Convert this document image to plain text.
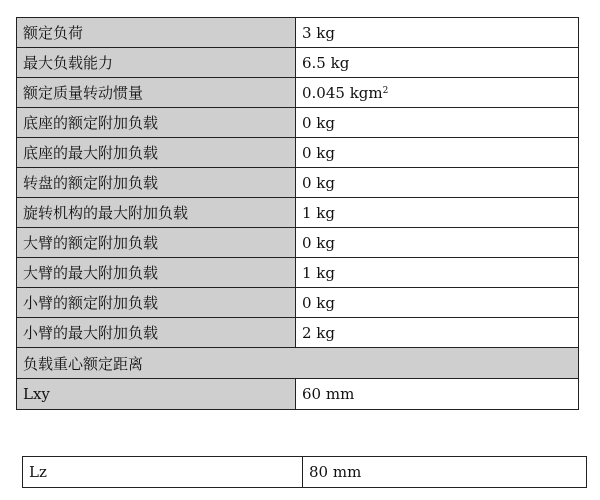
额定负荷	3 kg
最大负载能力	6.5 kg
额定质量转动惯量	0.045 kgm$^2$
底座的额定附加负载	0 kg
底座的最大附加负载	0 kg
转盘的额定附加负载	0 kg
旋转机构的最大附加负载	1 kg
大臂的额定附加负载	0 kg
大臂的最大附加负载	1 kg
小臂的额定附加负载	0 kg
小臂的最大附加负载	2 kg
负载重心额定距离	
Lxy	60 mm
Lz	80 mm
